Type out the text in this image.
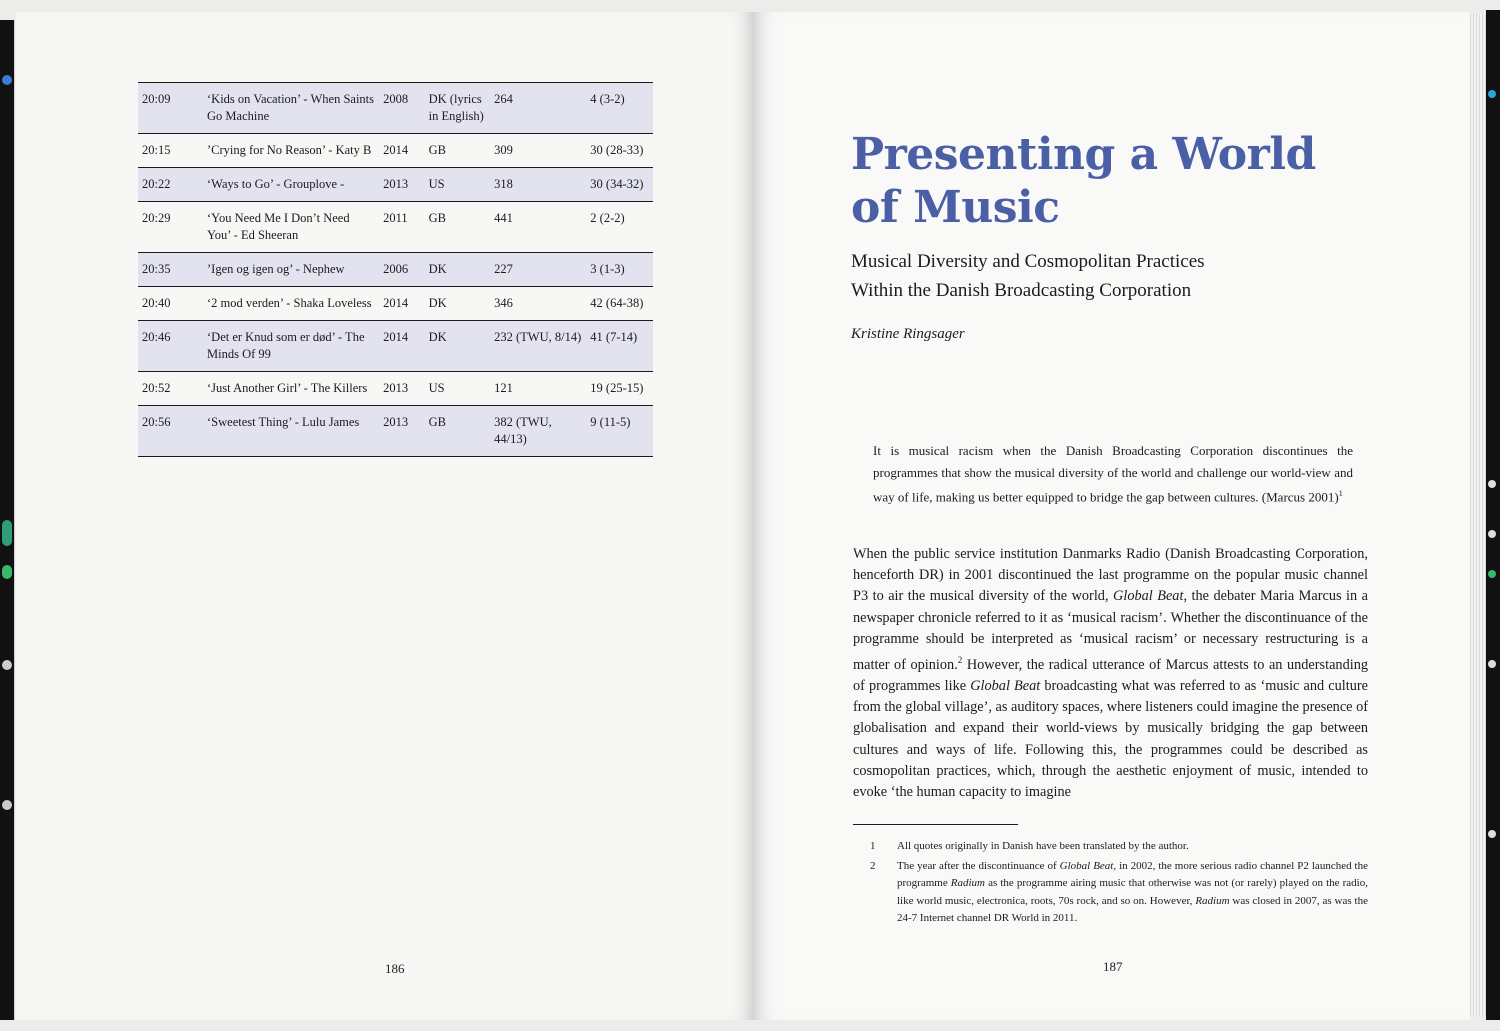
20:09	‘Kids on Vacation’ - When Saints Go Machine	2008	DK (lyrics in English)	264	4 (3-2)
20:15	’Crying for No Reason’ - Katy B	2014	GB	309	30 (28-33)
20:22	‘Ways to Go’ - Grouplove -	2013	US	318	30 (34-32)
20:29	‘You Need Me I Don’t Need You’ - Ed Sheeran	2011	GB	441	2 (2-2)
20:35	’Igen og igen og’ - Nephew	2006	DK	227	3 (1-3)
20:40	‘2 mod verden’ - Shaka Loveless	2014	DK	346	42 (64-38)
20:46	‘Det er Knud som er død’ - The Minds Of 99	2014	DK	232 (TWU, 8/14)	41 (7-14)
20:52	‘Just Another Girl’ - The Killers	2013	US	121	19 (25-15)
20:56	‘Sweetest Thing’ - Lulu James	2013	GB	382 (TWU, 44/13)	9 (11-5)
186
Presenting a World of Music
Musical Diversity and Cosmopolitan Practices
Within the Danish Broadcasting Corporation
Kristine Ringsager
It is musical racism when the Danish Broadcasting Corporation discontinues the programmes that show the musical diversity of the world and challenge our world-view and way of life, making us better equipped to bridge the gap between cultures. (Marcus 2001)$^1$
When the public service institution Danmarks Radio (Danish Broadcasting Corporation, henceforth DR) in 2001 discontinued the last programme on the popular music channel P3 to air the musical diversity of the world, Global Beat, the debater Maria Marcus in a newspaper chronicle referred to it as ‘musical racism’. Whether the discontinuance of the programme should be interpreted as ‘musical racism’ or necessary restructuring is a matter of opinion.$^2$ However, the radical utterance of Marcus attests to an understanding of programmes like Global Beat broadcasting what was referred to as ‘music and culture from the global village’, as auditory spaces, where listeners could imagine the presence of globalisation and expand their world-views by musically bridging the gap between cultures and ways of life. Following this, the programmes could be described as cosmopolitan practices, which, through the aesthetic enjoyment of music, intended to evoke ‘the human capacity to imagine
1	All quotes originally in Danish have been translated by the author.
2	The year after the discontinuance of Global Beat, in 2002, the more serious radio channel P2 launched the programme Radium as the programme airing music that otherwise was not (or rarely) played on the radio, like world music, electronica, roots, 70s rock, and so on. However, Radium was closed in 2007, as was the 24-7 Internet channel DR World in 2011.
187
